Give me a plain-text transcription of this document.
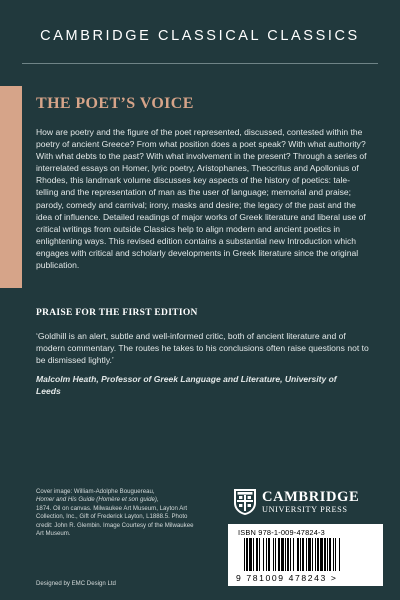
CAMBRIDGE CLASSICAL CLASSICS
THE POET’S VOICE

How are poetry and the figure of the poet represented, discussed, contested within the poetry of ancient Greece? From what position does a poet speak? With what authority? With what debts to the past? With what involvement in the present? Through a series of interrelated essays on Homer, lyric poetry, Aristophanes, Theocritus and Apollonius of Rhodes, this landmark volume discusses key aspects of the history of poetics: tale-telling and the representation of man as the user of language; memorial and praise; parody, comedy and carnival; irony, masks and desire; the legacy of the past and the idea of influence. Detailed readings of major works of Greek literature and liberal use of critical writings from outside Classics help to align modern and ancient poetics in enlightening ways. This revised edition contains a substantial new Introduction which engages with critical and scholarly developments in Greek literature since the original publication.

PRAISE FOR THE FIRST EDITION

‘Goldhill is an alert, subtle and well-informed critic, both of ancient literature and of modern commentary. The routes he takes to his conclusions often raise questions not to be dismissed lightly.’

Malcolm Heath, Professor of Greek Language and Literature, University of Leeds

Cover image: William-Adolphe Bouguereau,
Homer and His Guide (Homère et son guide),
1874. Oil on canvas. Milwaukee Art Museum, Layton Art Collection, Inc., Gift of Frederick Layton, L1888.5. Photo credit: John R. Glembin. Image Courtesy of the Milwaukee Art Museum.

Designed by EMC Design Ltd
CAMBRIDGE
UNIVERSITY PRESS
ISBN 978-1-009-47824-3
9 781009 478243 >
